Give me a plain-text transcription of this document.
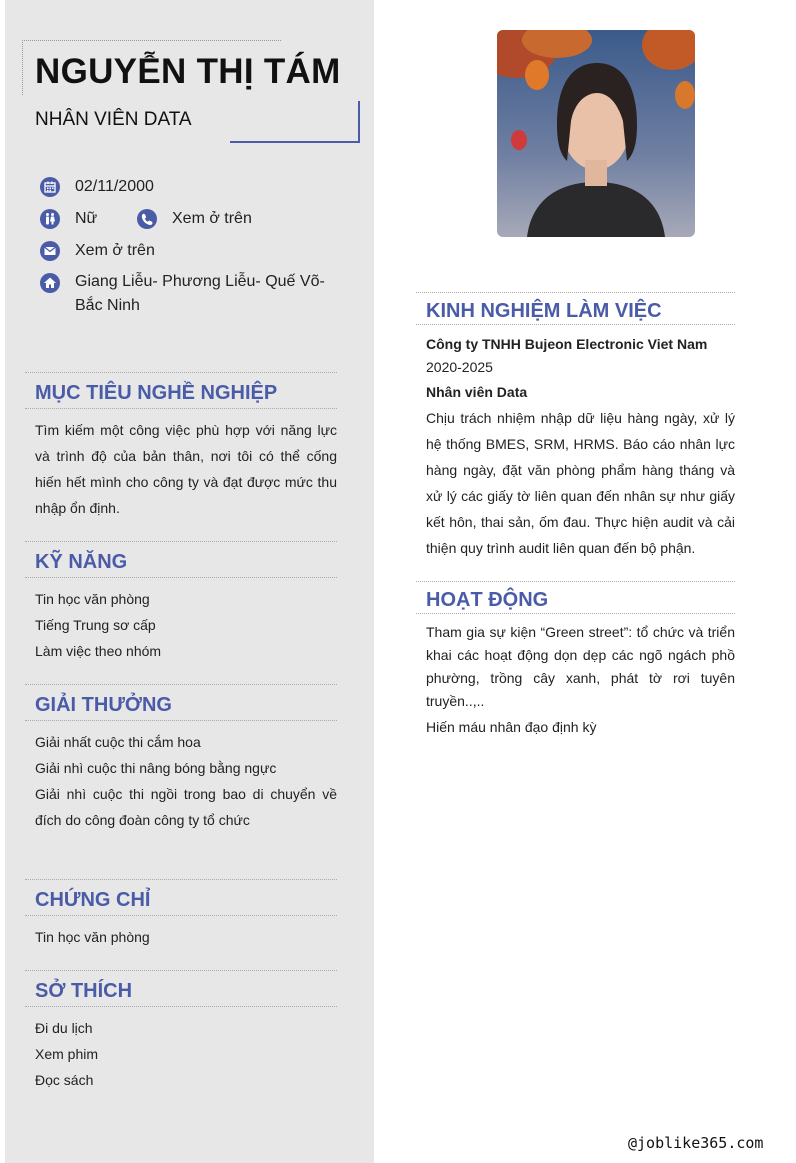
NGUYỄN THỊ TÁM
NHÂN VIÊN DATA
02/11/2000
Nữ	Xem ở trên
Xem ở trên
Giang Liễu- Phương Liễu- Quế Võ- Bắc Ninh
MỤC TIÊU NGHỀ NGHIỆP
Tìm kiếm một công việc phù hợp với năng lực và trình độ của bản thân, nơi tôi có thể cống hiến hết mình cho công ty và đạt được mức thu nhập ổn định.
KỸ NĂNG
Tin học văn phòng
Tiếng Trung sơ cấp
Làm việc theo nhóm
GIẢI THƯỞNG
Giải nhất cuộc thi cắm hoa
Giải nhì cuộc thi nâng bóng bằng ngực
Giải nhì cuộc thi ngồi trong bao di chuyển về đích do công đoàn công ty tổ chức
CHỨNG CHỈ
Tin học văn phòng
SỞ THÍCH
Đi du lịch
Xem phim
Đọc sách
KINH NGHIỆM LÀM VIỆC
Công ty TNHH Bujeon Electronic Viet Nam
2020-2025
Nhân viên Data
Chịu trách nhiệm nhập dữ liệu hàng ngày, xử lý hệ thống BMES, SRM, HRMS. Báo cáo nhân lực hàng ngày, đặt văn phòng phẩm hàng tháng và xử lý các giấy tờ liên quan đến nhân sự như giấy kết hôn, thai sản, ốm đau. Thực hiện audit và cải thiện quy trình audit liên quan đến bộ phận.
HOẠT ĐỘNG
Tham gia sự kiện “Green street”: tổ chức và triển khai các hoạt động dọn dẹp các ngõ ngách phồ phường, trồng cây xanh, phát tờ rơi tuyên truyền..,..
Hiến máu nhân đạo định kỳ
@joblike365.com
